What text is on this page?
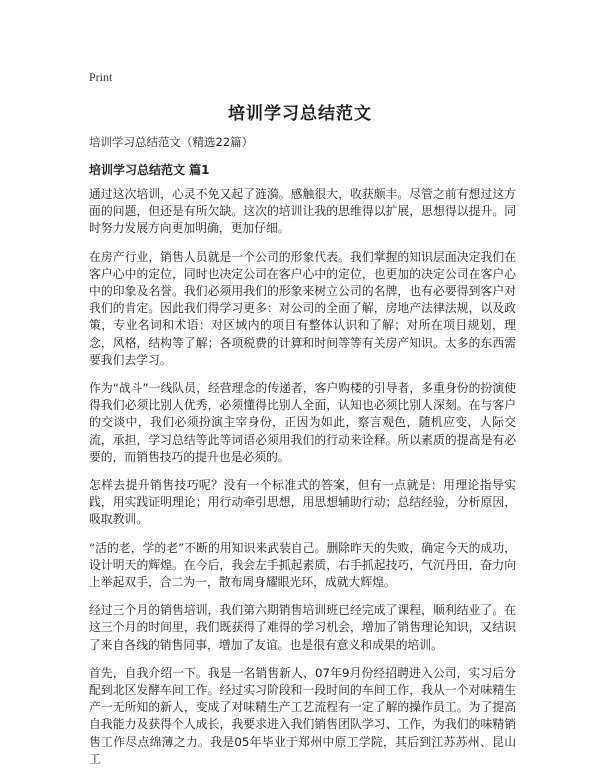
Print
培训学习总结范文
培训学习总结范文（精选22篇）
培训学习总结范文 篇1

通过这次培训，心灵不免又起了涟漪。感触很大，收获颇丰。尽管之前有想过这方面的问题，但还是有所欠缺。这次的培训让我的思维得以扩展，思想得以提升。同时努力发展方向更加明确，更加仔细。

在房产行业，销售人员就是一个公司的形象代表。我们掌握的知识层面决定我们在客户心中的定位，同时也决定公司在客户心中的定位，也更加的决定公司在客户心中的印象及名誉。我们必须用我们的形象来树立公司的名牌，也有必要得到客户对我们的肯定。因此我们得学习更多：对公司的全面了解，房地产法律法规，以及政策，专业名词和术语：对区域内的项目有整体认识和了解；对所在项目规划，理念，风格，结构等了解；各项税费的计算和时间等等有关房产知识。太多的东西需要我们去学习。

作为“战斗”一线队员，经营理念的传递者，客户购楼的引导者，多重身份的扮演使得我们必须比别人优秀，必须懂得比别人全面，认知也必须比别人深刻。在与客户的交谈中，我们必须扮演主宰身份，正因为如此，察言观色，随机应变，人际交流，承担，学习总结等此等词语必须用我们的行动来诠释。所以素质的提高是有必要的，而销售技巧的提升也是必须的。

怎样去提升销售技巧呢？没有一个标准式的答案，但有一点就是：用理论指导实践，用实践证明理论；用行动牵引思想，用思想辅助行动；总结经验，分析原因，吸取教训。

“活的老，学的老”不断的用知识来武装自己。删除昨天的失败，确定今天的成功，设计明天的辉煌。在今后，我会左手抓起素质，右手抓起技巧，气沉丹田，奋力向上举起双手，合二为一，散布周身耀眼光环，成就大辉煌。

经过三个月的销售培训，我们第六期销售培训班已经完成了课程，顺利结业了。在这三个月的时间里，我们既获得了难得的学习机会，增加了销售理论知识，又结识了来自各线的销售同事，增加了友谊。也是很有意义和成果的培训。

首先，自我介绍一下。我是一名销售新人，07年9月份经招聘进入公司，实习后分配到北区发酵车间工作。经过实习阶段和一段时间的车间工作，我从一个对味精生产一无所知的新人，变成了对味精生产工艺流程有一定了解的操作员工。为了提高自我能力及获得个人成长，我要求进入我们销售团队学习、工作，为我们的味精销售工作尽点绵薄之力。我是05年毕业于郑州中原工学院，其后到江苏苏州、昆山工
